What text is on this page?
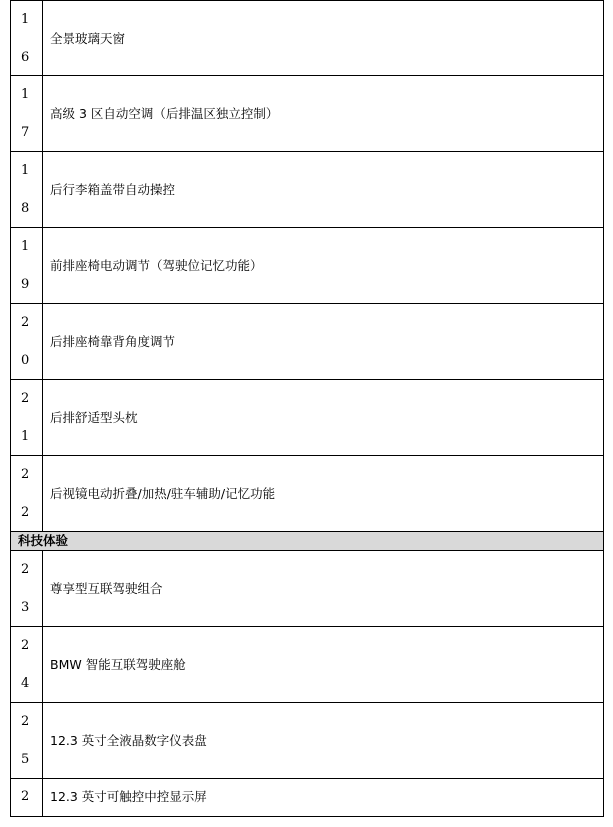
1
6
全景玻璃天窗
1
7
高级 3 区自动空调（后排温区独立控制）
1
8
后行李箱盖带自动操控
1
9
前排座椅电动调节（驾驶位记忆功能）
2
0
后排座椅靠背角度调节
2
1
后排舒适型头枕
2
2
后视镜电动折叠/加热/驻车辅助/记忆功能
科技体验
2
3
尊享型互联驾驶组合
2
4
BMW 智能互联驾驶座舱
2
5
12.3 英寸全液晶数字仪表盘
2 12.3 英寸可触控中控显示屏
